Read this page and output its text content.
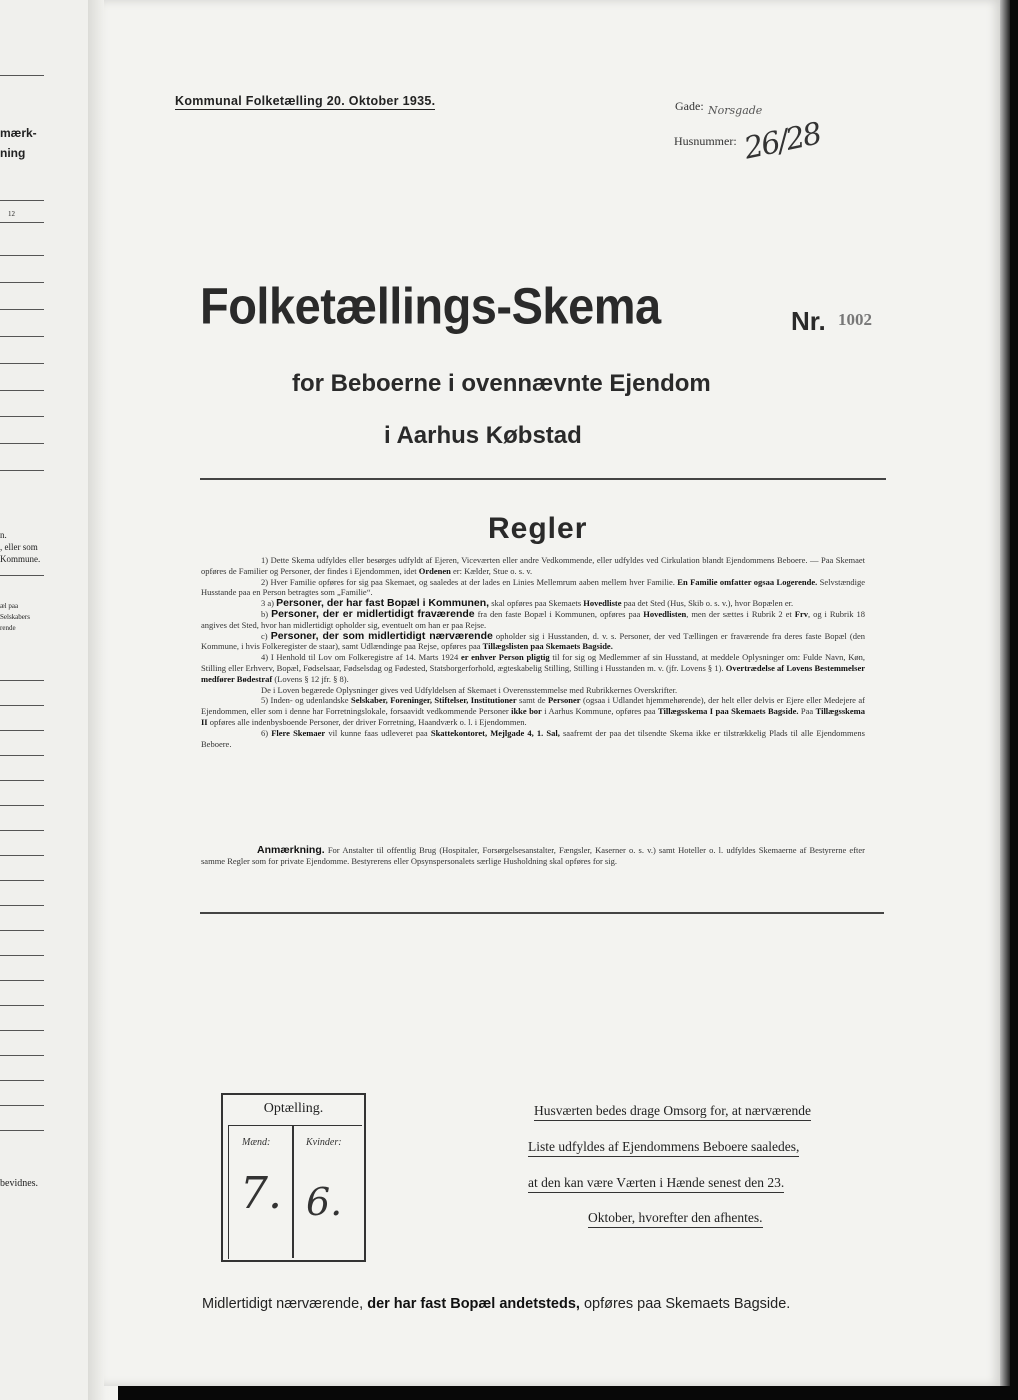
mærk-
ning
12
n.
, eller som
Kommune.
æl paa
Selskabers
rende
bevidnes.
Kommunal Folketælling 20. Oktober 1935.	Gade: Norsgade
Husnummer: 26/28
Folketællings-Skema	Nr. 1002
for Beboerne i ovennævnte Ejendom
i Aarhus Købstad
Regler

1) Dette Skema udfyldes eller besørges udfyldt af Ejeren, Viceværten eller andre Vedkommende, eller udfyldes ved Cirkulation blandt Ejendommens Beboere. — Paa Skemaet opføres de Familier og Personer, der findes i Ejendommen, idet Ordenen er: Kælder, Stue o. s. v.

2) Hver Familie opføres for sig paa Skemaet, og saaledes at der lades en Linies Mellemrum aaben mellem hver Familie. En Familie omfatter ogsaa Logerende. Selvstændige Husstande paa en Person betragtes som „Familie“.

3 a) Personer, der har fast Bopæl i Kommunen, skal opføres paa Skemaets Hovedliste paa det Sted (Hus, Skib o. s. v.), hvor Bopælen er.

b) Personer, der er midlertidigt fraværende fra den faste Bopæl i Kommunen, opføres paa Hovedlisten, men der sættes i Rubrik 2 et Frv, og i Rubrik 18 angives det Sted, hvor han midlertidigt opholder sig, eventuelt om han er paa Rejse.

c) Personer, der som midlertidigt nærværende opholder sig i Husstanden, d. v. s. Personer, der ved Tællingen er fraværende fra deres faste Bopæl (den Kommune, i hvis Folkeregister de staar), samt Udlændinge paa Rejse, opføres paa Tillægslisten paa Skemaets Bagside.

4) I Henhold til Lov om Folkeregistre af 14. Marts 1924 er enhver Person pligtig til for sig og Medlemmer af sin Husstand, at meddele Oplysninger om: Fulde Navn, Køn, Stilling eller Erhverv, Bopæl, Fødselsaar, Fødselsdag og Fødested, Statsborgerforhold, ægteskabelig Stilling, Stilling i Husstanden m. v. (jfr. Lovens § 1). Overtrædelse af Lovens Bestemmelser medfører Bødestraf (Lovens § 12 jfr. § 8).

De i Loven begærede Oplysninger gives ved Udfyldelsen af Skemaet i Overensstemmelse med Rubrikkernes Overskrifter.

5) Inden- og udenlandske Selskaber, Foreninger, Stiftelser, Institutioner samt de Personer (ogsaa i Udlandet hjemmehørende), der helt eller delvis er Ejere eller Medejere af Ejendommen, eller som i denne har Forretningslokale, forsaavidt vedkommende Personer ikke bor i Aarhus Kommune, opføres paa Tillægsskema I paa Skemaets Bagside. Paa Tillægsskema II opføres alle indenbysboende Personer, der driver Forretning, Haandværk o. l. i Ejendommen.

6) Flere Skemaer vil kunne faas udleveret paa Skattekontoret, Mejlgade 4, 1. Sal, saafremt der paa det tilsendte Skema ikke er tilstrækkelig Plads til alle Ejendommens Beboere.

Anmærkning. For Anstalter til offentlig Brug (Hospitaler, Forsørgelsesanstalter, Fængsler, Kaserner o. s. v.) samt Hoteller o. l. udfyldes Skemaerne af Bestyrerne efter samme Regler som for private Ejendomme. Bestyrerens eller Opsynspersonalets særlige Husholdning skal opføres for sig.

Optælling.
Mænd:	Kvinder:
7. 6.
Husværten bedes drage Omsorg for, at nærværende
Liste udfyldes af Ejendommens Beboere saaledes,
at den kan være Værten i Hænde senest den 23.
Oktober, hvorefter den afhentes.
Midlertidigt nærværende, der har fast Bopæl andetsteds, opføres paa Skemaets Bagside.
